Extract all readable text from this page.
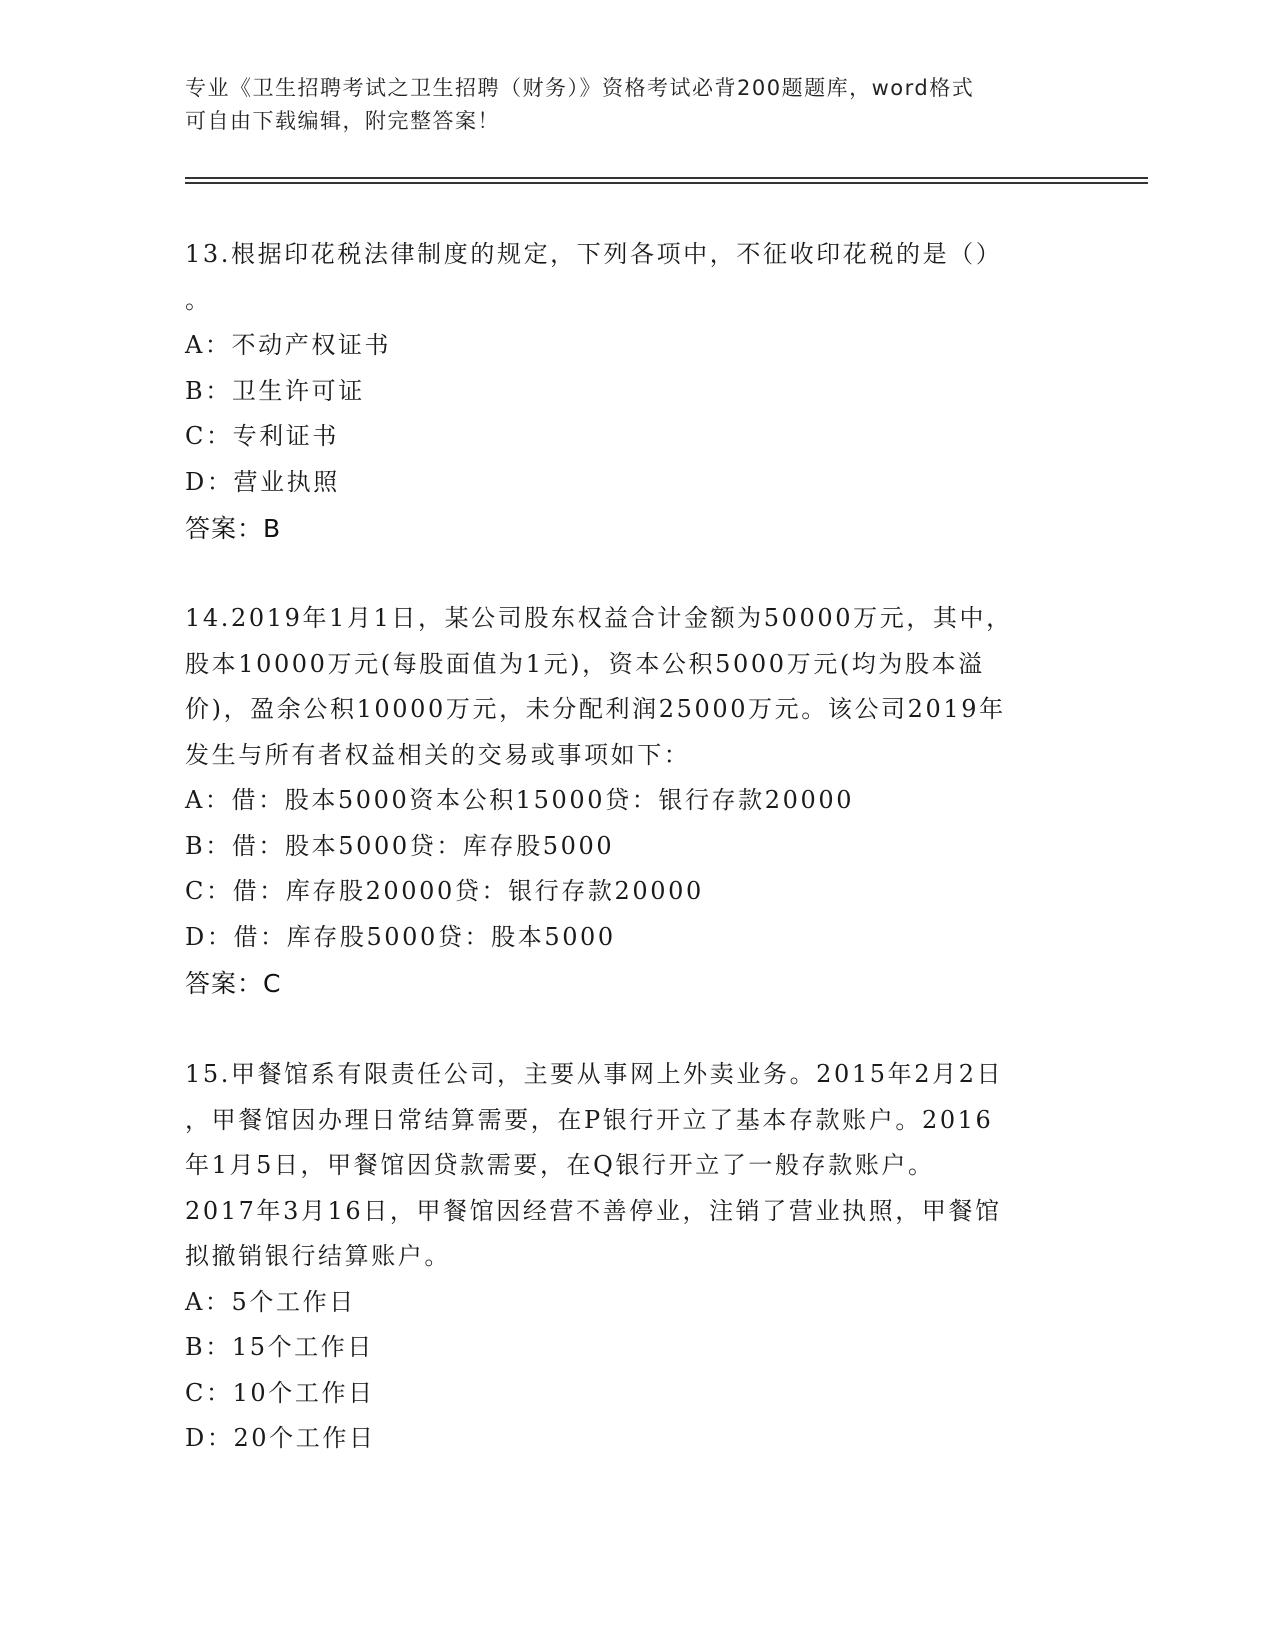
专业《卫生招聘考试之卫生招聘（财务）》资格考试必背200题题库，word格式
可自由下载编辑，附完整答案！
13.根据印花税法律制度的规定，下列各项中，不征收印花税的是（）
。
A：不动产权证书
B：卫生许可证
C：专利证书
D：营业执照
答案：B
14.2019年1月1日，某公司股东权益合计金额为50000万元，其中，
股本10000万元(每股面值为1元)，资本公积5000万元(均为股本溢
价)，盈余公积10000万元，未分配利润25000万元。该公司2019年
发生与所有者权益相关的交易或事项如下：
A：借：股本5000资本公积15000贷：银行存款20000
B：借：股本5000贷：库存股5000
C：借：库存股20000贷：银行存款20000
D：借：库存股5000贷：股本5000
答案：C
15.甲餐馆系有限责任公司，主要从事网上外卖业务。2015年2月2日
，甲餐馆因办理日常结算需要，在P银行开立了基本存款账户。2016
年1月5日，甲餐馆因贷款需要，在Q银行开立了一般存款账户。
2017年3月16日，甲餐馆因经营不善停业，注销了营业执照，甲餐馆
拟撤销银行结算账户。
A：5个工作日
B：15个工作日
C：10个工作日
D：20个工作日
